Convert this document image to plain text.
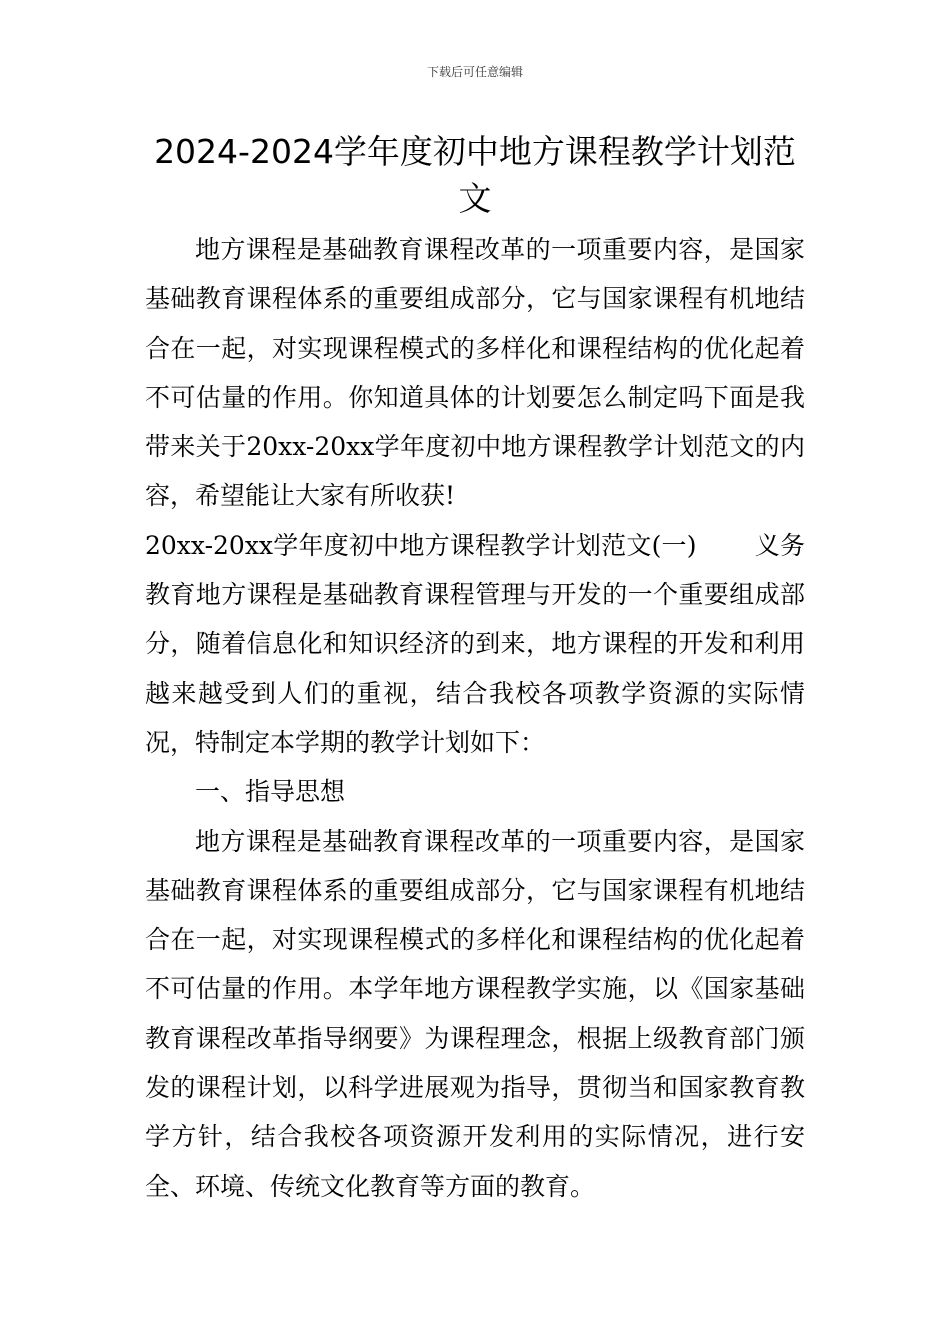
下载后可任意编辑
2024-2024学年度初中地方课程教学计划范文

地方课程是基础教育课程改革的一项重要内容，是国家基础教育课程体系的重要组成部分，它与国家课程有机地结合在一起，对实现课程模式的多样化和课程结构的优化起着不可估量的作用。你知道具体的计划要怎么制定吗下面是我带来关于20xx-20xx学年度初中地方课程教学计划范文的内容，希望能让大家有所收获!

20xx-20xx学年度初中地方课程教学计划范文(一) 义务教育地方课程是基础教育课程管理与开发的一个重要组成部分，随着信息化和知识经济的到来，地方课程的开发和利用越来越受到人们的重视，结合我校各项教学资源的实际情况，特制定本学期的教学计划如下：

一、指导思想

地方课程是基础教育课程改革的一项重要内容，是国家基础教育课程体系的重要组成部分，它与国家课程有机地结合在一起，对实现课程模式的多样化和课程结构的优化起着不可估量的作用。本学年地方课程教学实施，以《国家基础教育课程改革指导纲要》为课程理念，根据上级教育部门颁发的课程计划，以科学进展观为指导，贯彻当和国家教育教学方针，结合我校各项资源开发利用的实际情况，进行安全、环境、传统文化教育等方面的教育。
